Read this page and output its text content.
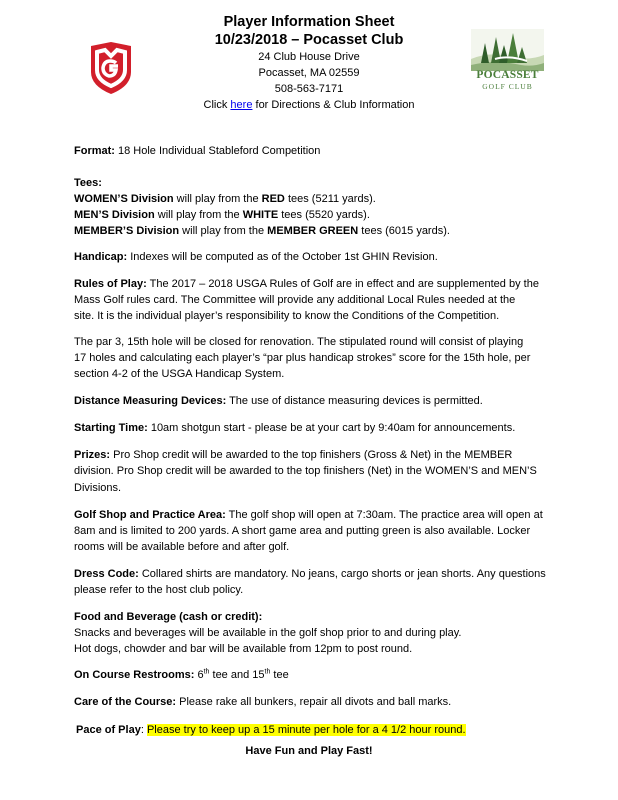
POCASSET
GOLF CLUB
Player Information Sheet
10/23/2018 – Pocasset Club
24 Club House Drive
Pocasset, MA 02559
508-563-7171
Click here for Directions & Club Information

Format: 18 Hole Individual Stableford Competition

Tees:

WOMEN’S Division will play from the RED tees (5211 yards).

MEN’S Division will play from the WHITE tees (5520 yards).

MEMBER’S Division will play from the MEMBER GREEN tees (6015 yards).

Handicap: Indexes will be computed as of the October 1st GHIN Revision.

Rules of Play: The 2017 – 2018 USGA Rules of Golf are in effect and are supplemented by the

Mass Golf rules card. The Committee will provide any additional Local Rules needed at the

site. It is the individual player’s responsibility to know the Conditions of the Competition.

The par 3, 15th hole will be closed for renovation. The stipulated round will consist of playing

17 holes and calculating each player’s “par plus handicap strokes” score for the 15th hole, per

section 4-2 of the USGA Handicap System.

Distance Measuring Devices: The use of distance measuring devices is permitted.

Starting Time: 10am shotgun start - please be at your cart by 9:40am for announcements.

Prizes: Pro Shop credit will be awarded to the top finishers (Gross & Net) in the MEMBER

division. Pro Shop credit will be awarded to the top finishers (Net) in the WOMEN’S and MEN’S

Divisions.

Golf Shop and Practice Area: The golf shop will open at 7:30am. The practice area will open at

8am and is limited to 200 yards. A short game area and putting green is also available. Locker

rooms will be available before and after golf.

Dress Code: Collared shirts are mandatory. No jeans, cargo shorts or jean shorts. Any questions

please refer to the host club policy.

Food and Beverage (cash or credit):

Snacks and beverages will be available in the golf shop prior to and during play.

Hot dogs, chowder and bar will be available from 12pm to post round.

On Course Restrooms: 6th tee and 15th tee

Care of the Course: Please rake all bunkers, repair all divots and ball marks.

Pace of Play: Please try to keep up a 15 minute per hole for a 4 1/2 hour round.

Have Fun and Play Fast!
